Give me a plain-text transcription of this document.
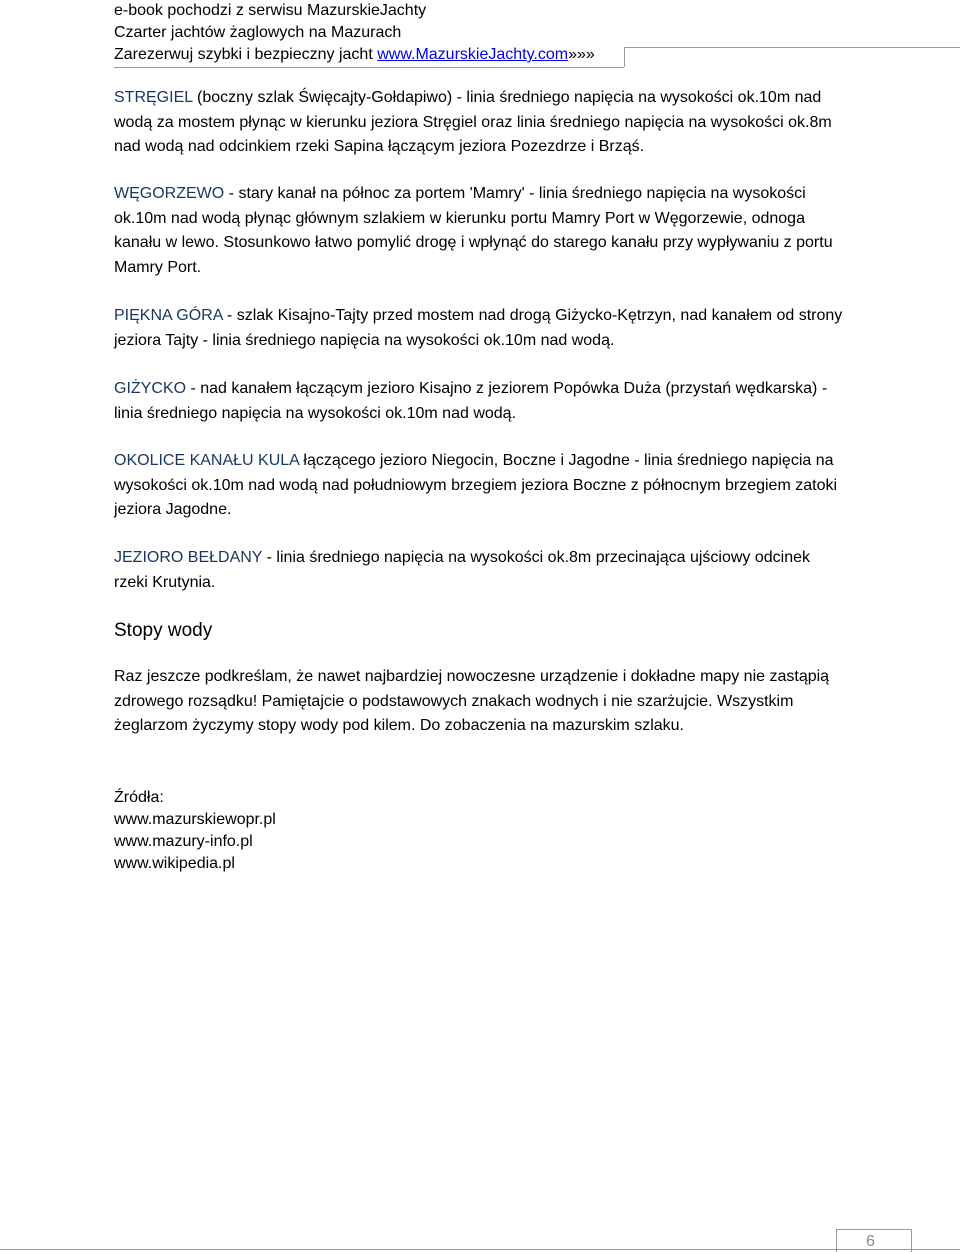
e-book pochodzi z serwisu MazurskieJachty
Czarter jachtów żaglowych na Mazurach
Zarezerwuj szybki i bezpieczny jacht www.MazurskieJachty.com»»»

STRĘGIEL (boczny szlak Święcajty-Gołdapiwo) - linia średniego napięcia na wysokości ok.10m nad wodą za mostem płynąc w kierunku jeziora Stręgiel oraz linia średniego napięcia na wysokości ok.8m nad wodą nad odcinkiem rzeki Sapina łączącym jeziora Pozezdrze i Brząś.

WĘGORZEWO - stary kanał na północ za portem 'Mamry' - linia średniego napięcia na wysokości ok.10m nad wodą płynąc głównym szlakiem w kierunku portu Mamry Port w Węgorzewie, odnoga kanału w lewo. Stosunkowo łatwo pomylić drogę i wpłynąć do starego kanału przy wypływaniu z portu Mamry Port.

PIĘKNA GÓRA - szlak Kisajno-Tajty przed mostem nad drogą Giżycko-Kętrzyn, nad kanałem od strony jeziora Tajty - linia średniego napięcia na wysokości ok.10m nad wodą.

GIŻYCKO - nad kanałem łączącym jezioro Kisajno z jeziorem Popówka Duża (przystań wędkarska) - linia średniego napięcia na wysokości ok.10m nad wodą.

OKOLICE KANAŁU KULA łączącego jezioro Niegocin, Boczne i Jagodne - linia średniego napięcia na wysokości ok.10m nad wodą nad południowym brzegiem jeziora Boczne z północnym brzegiem zatoki jeziora Jagodne.

JEZIORO BEŁDANY - linia średniego napięcia na wysokości ok.8m przecinająca ujściowy odcinek rzeki Krutynia.

Stopy wody

Raz jeszcze podkreślam, że nawet najbardziej nowoczesne urządzenie i dokładne mapy nie zastąpią zdrowego rozsądku! Pamiętajcie o podstawowych znakach wodnych i nie szarżujcie. Wszystkim żeglarzom życzymy stopy wody pod kilem. Do zobaczenia na mazurskim szlaku.

Źródła:
www.mazurskiewopr.pl
www.mazury-info.pl
www.wikipedia.pl
6
